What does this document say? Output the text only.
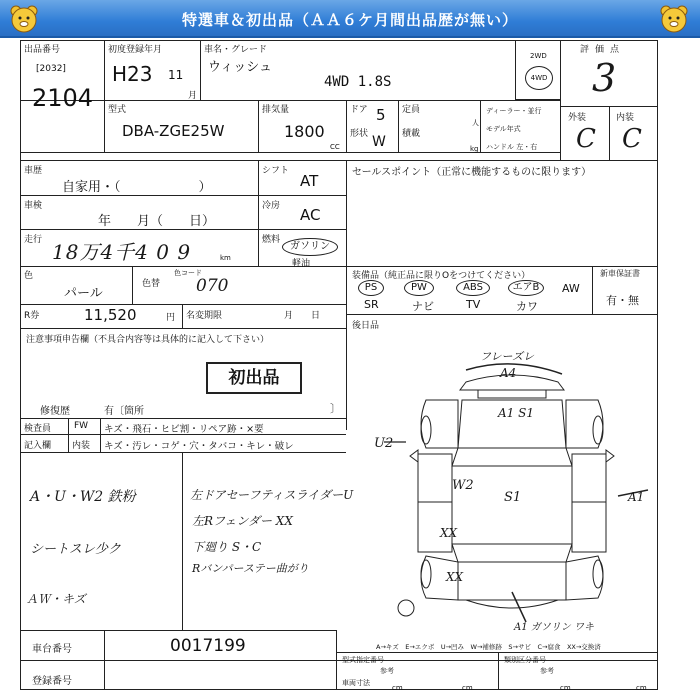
特選車＆初出品（ＡＡ６ケ月間出品歴が無い）
出品番号
[2032]
2104
初度登録年月
H23 11
月
車名・グレード
ウィッシュ
4WD 1.8S
2WD
4WD
評価点
3
型式
DBA-ZGE25W
排気量
1800
CC
ドア 5
形状 W
定員
人
積載
kg
ディーラー・並行
モデル年式
ハンドル 左・右
外装	内装
C C
車歴
自家用・（　　　　　　）
シフト
AT
車検
年　　月（　　日）
冷房 AC
走行 18万4千4 0 9	km
燃料
ガソリン
軽油
色
パール
色替
色コード
070
R券	11,520	円 名変期限	月　　日
注意事項申告欄（不具合内容等は具体的に記入して下さい）
初出品
修復歴	有〔箇所	〕
セールスポイント（正常に機能するものに限ります）
装備品（純正品に限りOをつけてください）	新車保証書
有・無
PS	PW	ABS	エアB	AW
SR	ナビ	TV	カワ
後日品
検査員	FW キズ・飛石・ヒビ割・リペア跡・×要
記入欄 内装 キズ・汚レ・コゲ・穴・タバコ・キレ・破レ
A・U・W2 鉄粉
シートスレ少ク
ＡＷ・キズ
左ドアセーフティスライダーU
左Rフェンダー XX
下廻り S・C
Rバンパーステー曲がり
フレーズレ
A4
A1 S1
U2
W2
S1	A1
XX
XX
A1 ガソリン ワキ
A→キズ　E→エクボ　U→凹み　W→補修跡　S→サビ　C→腐食　XX→交換済
車台番号	0017199
登録番号
型式指定番号	類別区分番号
参考	参考
車両寸法
cm	cm	cm	cm
